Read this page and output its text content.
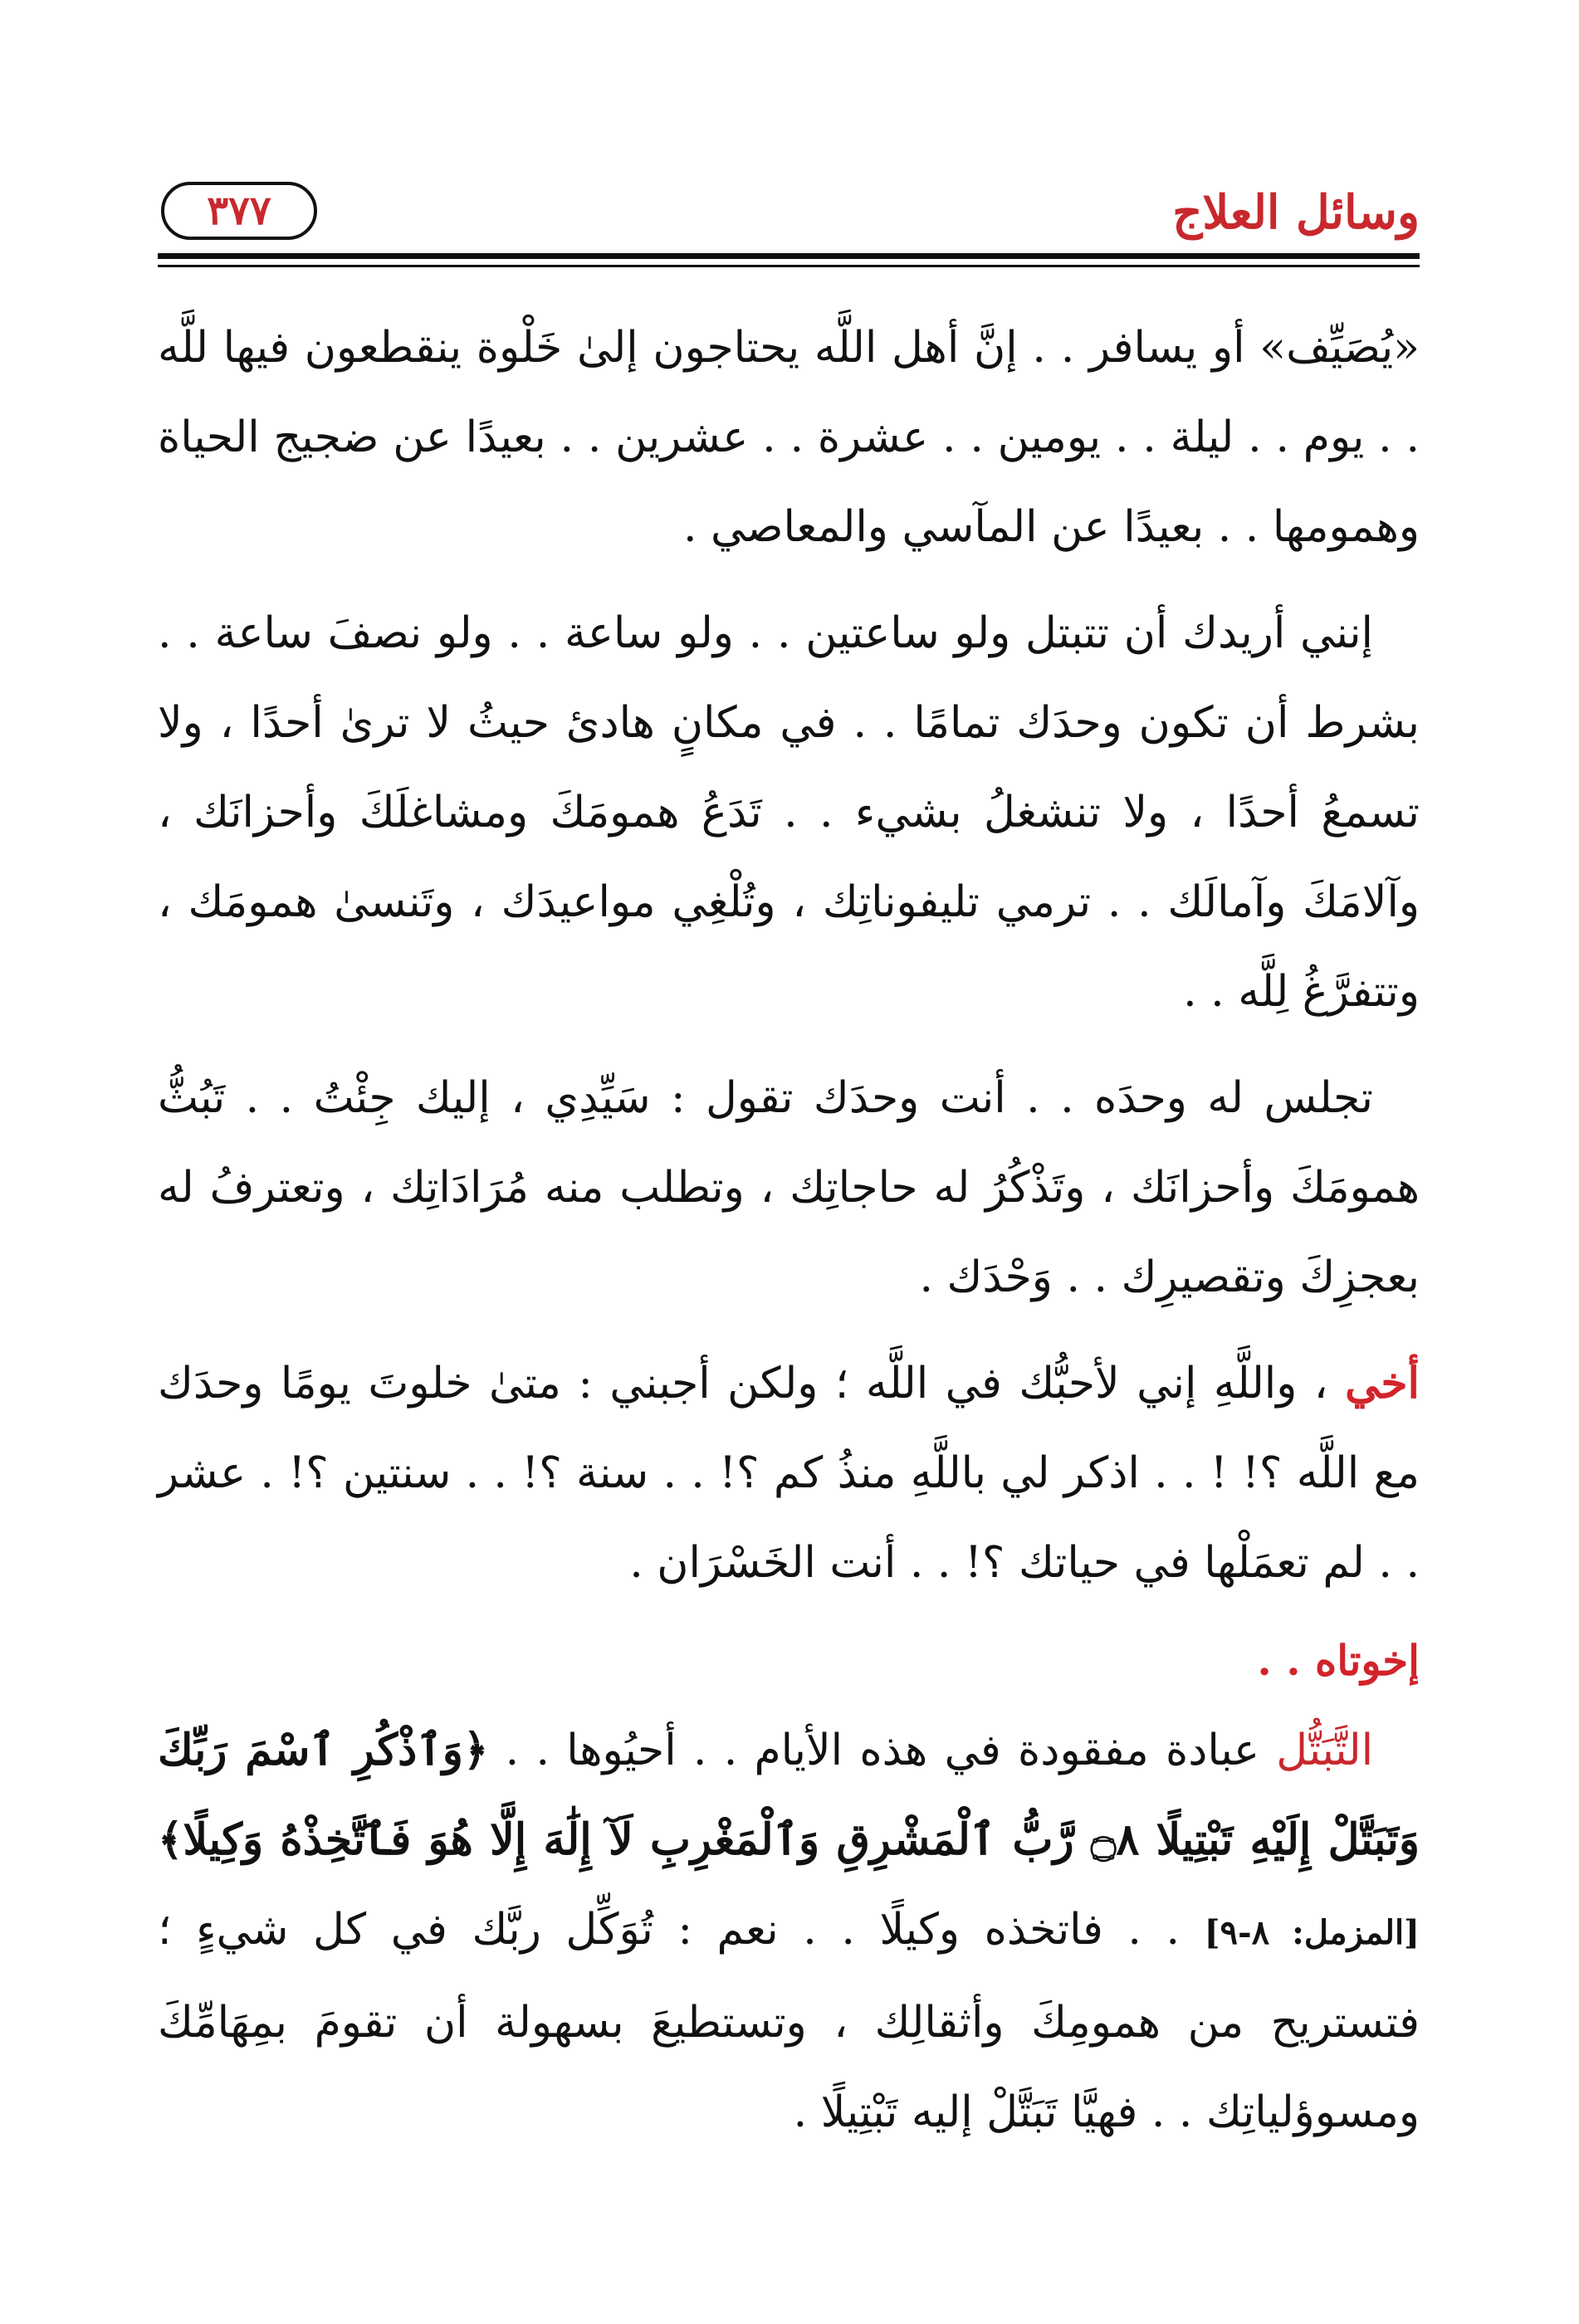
وسائل العلاج
٣٧٧

«يُصَيِّف» أو يسافر . . إنَّ أهل اللَّه يحتاجون إلىٰ خَلْوة ينقطعون فيها للَّه . . يوم . . ليلة . . يومين . . عشرة . . عشرين . . بعيدًا عن ضجيج الحياة وهمومها . . بعيدًا عن المآسي والمعاصي .

إنني أريدك أن تتبتل ولو ساعتين . . ولو ساعة . . ولو نصفَ ساعة . . بشرط أن تكون وحدَك تمامًا . . في مكانٍ هادئ حيثُ لا ترىٰ أحدًا ، ولا تسمعُ أحدًا ، ولا تنشغلُ بشيء . . تَدَعُ همومَكَ ومشاغلَكَ وأحزانَك ، وآلامَكَ وآمالَك . . ترمي تليفوناتِك ، وتُلْغِي مواعيدَك ، وتَنسىٰ همومَك ، وتتفرَّغُ لِلَّه . .

تجلس له وحدَه . . أنت وحدَك تقول : سَيِّدِي ، إليك جِئْتُ . . تَبُثُّ همومَكَ وأحزانَك ، وتَذْكُرُ له حاجاتِك ، وتطلب منه مُرَادَاتِك ، وتعترفُ له بعجزِكَ وتقصيرِك . . وَحْدَك .

أخي ، واللَّهِ إني لأحبُّك في اللَّه ؛ ولكن أجبني : متىٰ خلوتَ يومًا وحدَك مع اللَّه ؟! ! . . اذكر لي باللَّهِ منذُ كم ؟! . . سنة ؟! . . سنتين ؟! . عشر . . لم تعمَلْها في حياتك ؟! . . أنت الخَسْرَان .

إخوتاه . .

التَّبَتُّل عبادة مفقودة في هذه الأيام . . أحيُوها . . ﴿وَٱذْكُرِ ٱسْمَ رَبِّكَ وَتَبَتَّلْ إِلَيْهِ تَبْتِيلًا ۝٨ رَّبُّ ٱلْمَشْرِقِ وَٱلْمَغْرِبِ لَآ إِلَٰهَ إِلَّا هُوَ فَٱتَّخِذْهُ وَكِيلًا﴾ [المزمل: ٨-٩] . . فاتخذه وكيلًا . . نعم : تُوَكِّل ربَّك في كل شيءٍ ؛ فتستريح من همومِكَ وأثقالِك ، وتستطيعَ بسهولة أن تقومَ بمِهَامِّكَ ومسوؤلياتِك . . فهيَّا تَبَتَّلْ إليه تَبْتِيلًا .
